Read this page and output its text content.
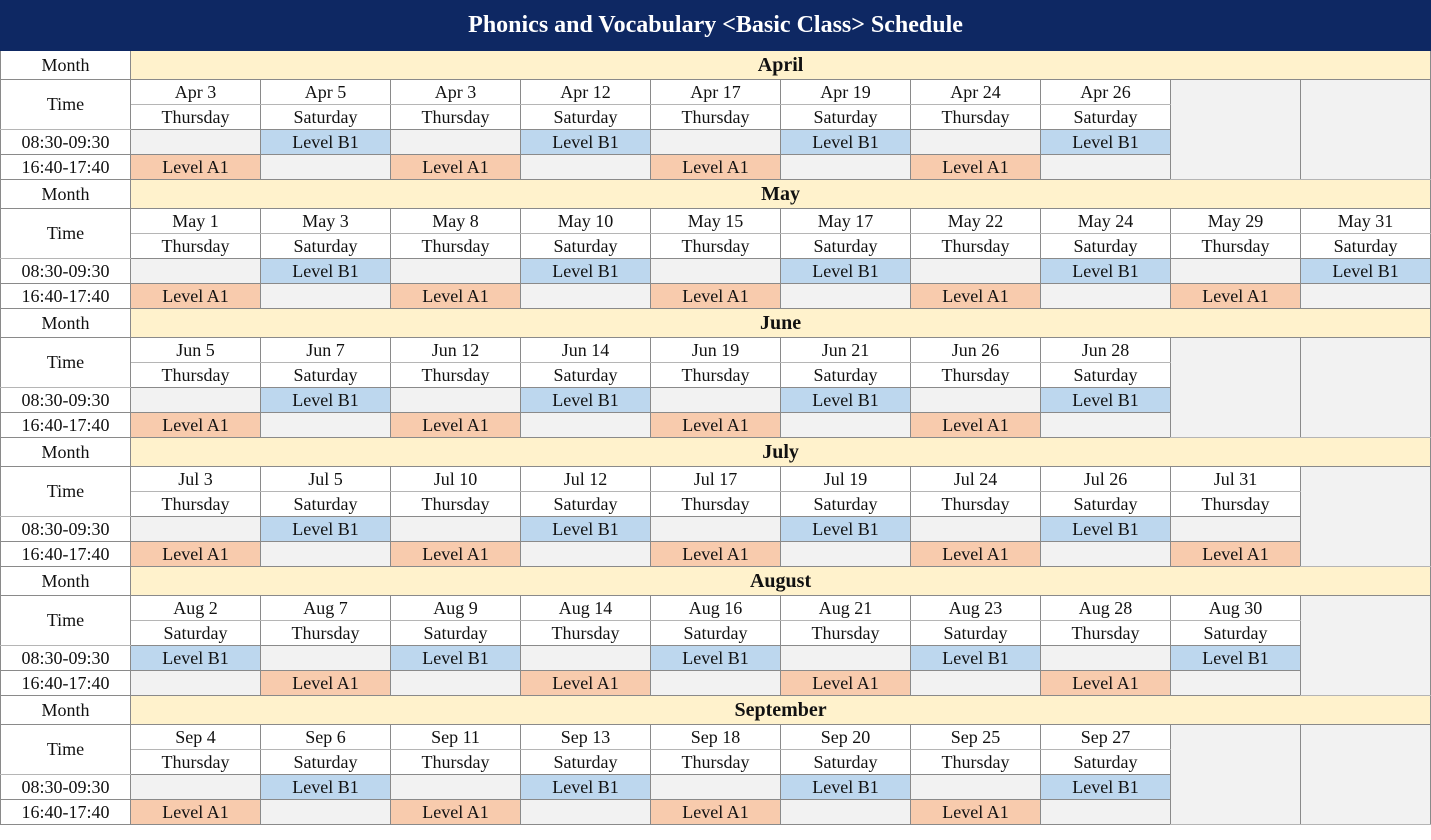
Phonics and Vocabulary <Basic Class> Schedule										
Month	April									
Time	Apr 3	Apr 5	Apr 3	Apr 12	Apr 17	Apr 19	Apr 24	Apr 26		
	Thursday	Saturday	Thursday	Saturday	Thursday	Saturday	Thursday	Saturday		
08:30-09:30		Level B1		Level B1		Level B1		Level B1		
16:40-17:40	Level A1		Level A1		Level A1		Level A1			
Month	May									
Time	May 1	May 3	May 8	May 10	May 15	May 17	May 22	May 24	May 29	May 31
	Thursday	Saturday	Thursday	Saturday	Thursday	Saturday	Thursday	Saturday	Thursday	Saturday
08:30-09:30		Level B1		Level B1		Level B1		Level B1		Level B1
16:40-17:40	Level A1		Level A1		Level A1		Level A1		Level A1	
Month	June									
Time	Jun 5	Jun 7	Jun 12	Jun 14	Jun 19	Jun 21	Jun 26	Jun 28		
	Thursday	Saturday	Thursday	Saturday	Thursday	Saturday	Thursday	Saturday		
08:30-09:30		Level B1		Level B1		Level B1		Level B1		
16:40-17:40	Level A1		Level A1		Level A1		Level A1			
Month	July									
Time	Jul 3	Jul 5	Jul 10	Jul 12	Jul 17	Jul 19	Jul 24	Jul 26	Jul 31	
	Thursday	Saturday	Thursday	Saturday	Thursday	Saturday	Thursday	Saturday	Thursday	
08:30-09:30		Level B1		Level B1		Level B1		Level B1		
16:40-17:40	Level A1		Level A1		Level A1		Level A1		Level A1	
Month	August									
Time	Aug 2	Aug 7	Aug 9	Aug 14	Aug 16	Aug 21	Aug 23	Aug 28	Aug 30	
	Saturday	Thursday	Saturday	Thursday	Saturday	Thursday	Saturday	Thursday	Saturday	
08:30-09:30	Level B1		Level B1		Level B1		Level B1		Level B1	
16:40-17:40		Level A1		Level A1		Level A1		Level A1		
Month	September									
Time	Sep 4	Sep 6	Sep 11	Sep 13	Sep 18	Sep 20	Sep 25	Sep 27		
	Thursday	Saturday	Thursday	Saturday	Thursday	Saturday	Thursday	Saturday		
08:30-09:30		Level B1		Level B1		Level B1		Level B1		
16:40-17:40	Level A1		Level A1		Level A1		Level A1			
